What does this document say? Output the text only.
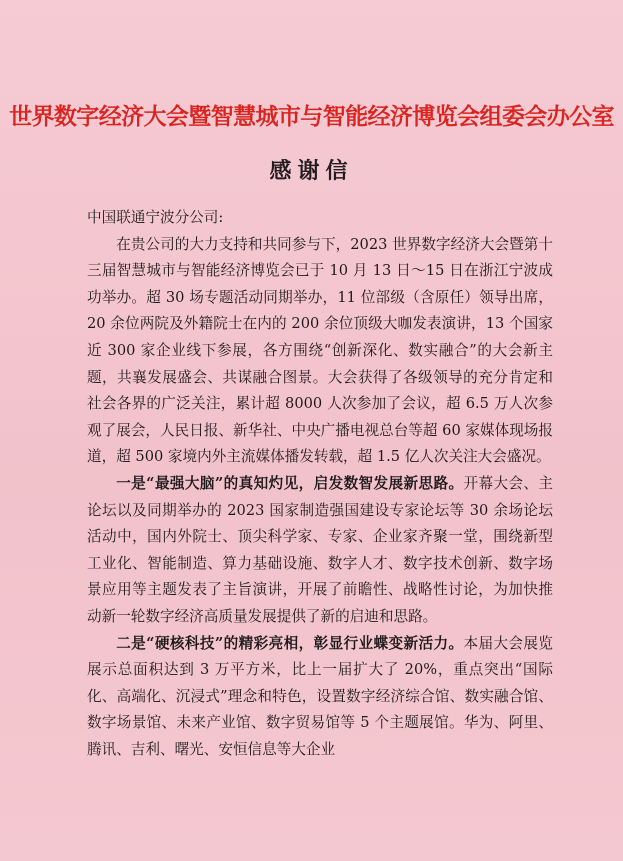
世界数字经济大会暨智慧城市与智能经济博览会组委会办公室
感谢信

中国联通宁波分公司:

在贵公司的大力支持和共同参与下，2023 世界数字经济大会暨第十三届智慧城市与智能经济博览会已于 10 月 13 日～15 日在浙江宁波成功举办。超 30 场专题活动同期举办，11 位部级（含原任）领导出席，20 余位两院及外籍院士在内的 200 余位顶级大咖发表演讲，13 个国家近 300 家企业线下参展，各方围绕“创新深化、数实融合”的大会新主题，共襄发展盛会、共谋融合图景。大会获得了各级领导的充分肯定和社会各界的广泛关注，累计超 8000 人次参加了会议，超 6.5 万人次参观了展会，人民日报、新华社、中央广播电视总台等超 60 家媒体现场报道，超 500 家境内外主流媒体播发转载，超 1.5 亿人次关注大会盛况。

一是“最强大脑”的真知灼见，启发数智发展新思路。开幕大会、主论坛以及同期举办的 2023 国家制造强国建设专家论坛等 30 余场论坛活动中，国内外院士、顶尖科学家、专家、企业家齐聚一堂，围绕新型工业化、智能制造、算力基础设施、数字人才、数字技术创新、数字场景应用等主题发表了主旨演讲，开展了前瞻性、战略性讨论，为加快推动新一轮数字经济高质量发展提供了新的启迪和思路。

二是“硬核科技”的精彩亮相，彰显行业蝶变新活力。本届大会展览展示总面积达到 3 万平方米，比上一届扩大了 20%，重点突出“国际化、高端化、沉浸式”理念和特色，设置数字经济综合馆、数实融合馆、数字场景馆、未来产业馆、数字贸易馆等 5 个主题展馆。华为、阿里、腾讯、吉利、曙光、安恒信息等大企业
